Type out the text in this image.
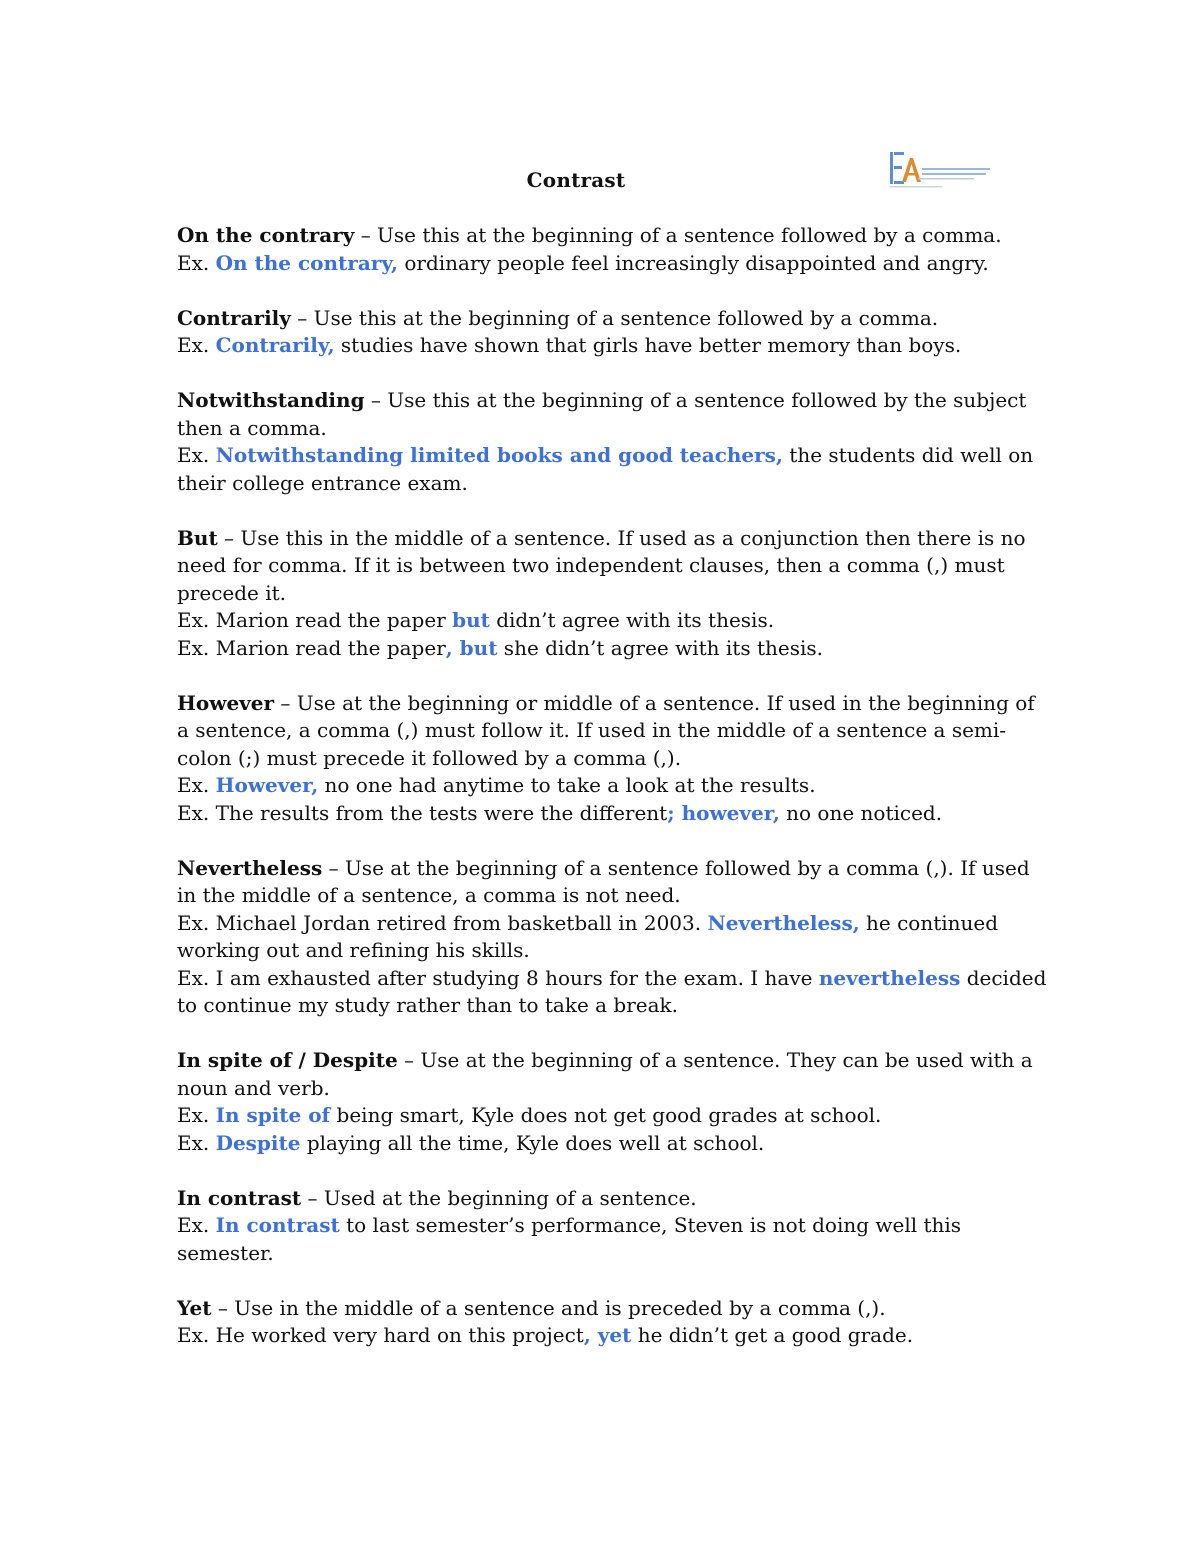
Contrast
On the contrary – Use this at the beginning of a sentence followed by a comma.
Ex. On the contrary, ordinary people feel increasingly disappointed and angry.
Contrarily – Use this at the beginning of a sentence followed by a comma.
Ex. Contrarily, studies have shown that girls have better memory than boys.
Notwithstanding – Use this at the beginning of a sentence followed by the subject
then a comma.
Ex. Notwithstanding limited books and good teachers, the students did well on
their college entrance exam.
But – Use this in the middle of a sentence. If used as a conjunction then there is no
need for comma. If it is between two independent clauses, then a comma (,) must
precede it.
Ex. Marion read the paper but didn’t agree with its thesis.
Ex. Marion read the paper, but she didn’t agree with its thesis.
However – Use at the beginning or middle of a sentence. If used in the beginning of
a sentence, a comma (,) must follow it. If used in the middle of a sentence a semi-
colon (;) must precede it followed by a comma (,).
Ex. However, no one had anytime to take a look at the results.
Ex. The results from the tests were the different; however, no one noticed.
Nevertheless – Use at the beginning of a sentence followed by a comma (,). If used
in the middle of a sentence, a comma is not need.
Ex. Michael Jordan retired from basketball in 2003. Nevertheless, he continued
working out and refining his skills.
Ex. I am exhausted after studying 8 hours for the exam. I have nevertheless decided
to continue my study rather than to take a break.
In spite of / Despite – Use at the beginning of a sentence. They can be used with a
noun and verb.
Ex. In spite of being smart, Kyle does not get good grades at school.
Ex. Despite playing all the time, Kyle does well at school.
In contrast – Used at the beginning of a sentence.
Ex. In contrast to last semester’s performance, Steven is not doing well this
semester.
Yet – Use in the middle of a sentence and is preceded by a comma (,).
Ex. He worked very hard on this project, yet he didn’t get a good grade.
